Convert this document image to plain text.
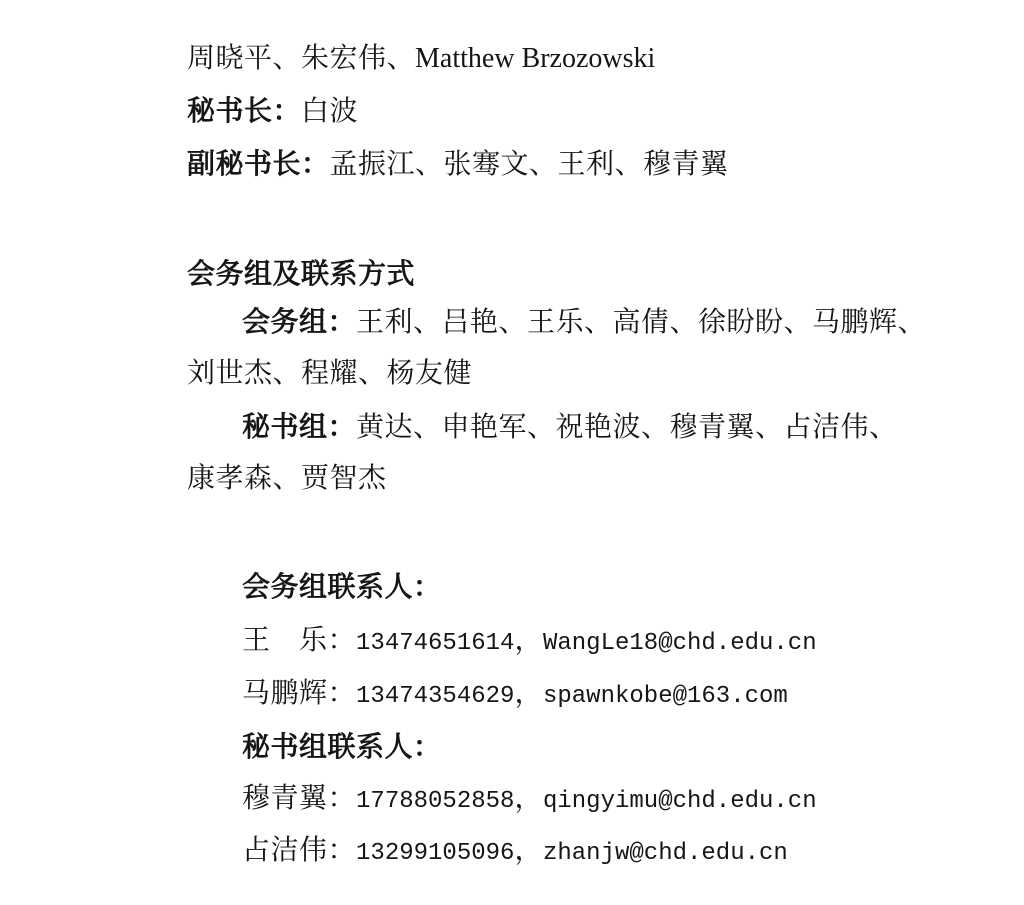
周晓平、朱宏伟、Matthew Brzozowski

秘书长：白波

副秘书长：孟振江、张骞文、王利、穆青翼

会务组及联系方式

会务组：王利、吕艳、王乐、高倩、徐盼盼、马鹏辉、

刘世杰、程耀、杨友健

秘书组：黄达、申艳军、祝艳波、穆青翼、占洁伟、

康孝森、贾智杰

会务组联系人：

王　乐：13474651614，WangLe18@chd.edu.cn

马鹏辉：13474354629，spawnkobe@163.com

秘书组联系人：

穆青翼：17788052858，qingyimu@chd.edu.cn

占洁伟：13299105096，zhanjw@chd.edu.cn
